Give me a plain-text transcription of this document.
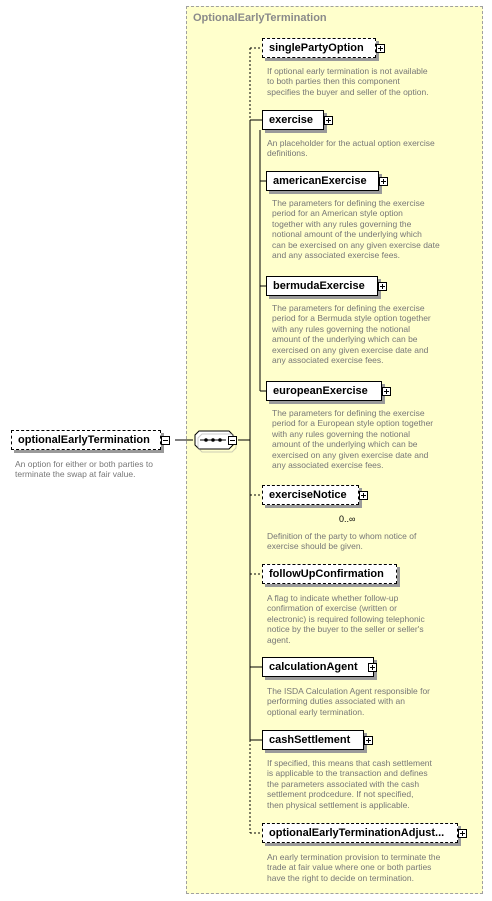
OptionalEarlyTermination
optionalEarlyTermination
An option for either or both parties to
terminate the swap at fair value.
singlePartyOption
If optional early termination is not available
to both parties then this component
specifies the buyer and seller of the option.
exercise
An placeholder for the actual option exercise
definitions.
americanExercise
The parameters for defining the exercise
period for an American style option
together with any rules governing the
notional amount of the underlying which
can be exercised on any given exercise date
and any associated exercise fees.
bermudaExercise
The parameters for defining the exercise
period for a Bermuda style option together
with any rules governing the notional
amount of the underlying which can be
exercised on any given exercise date and
any associated exercise fees.
europeanExercise
The parameters for defining the exercise
period for a European style option together
with any rules governing the notional
amount of the underlying which can be
exercised on any given exercise date and
any associated exercise fees.
exerciseNotice
0..∞
Definition of the party to whom notice of
exercise should be given.
followUpConfirmation
A flag to indicate whether follow-up
confirmation of exercise (written or
electronic) is required following telephonic
notice by the buyer to the seller or seller's
agent.
calculationAgent
The ISDA Calculation Agent responsible for
performing duties associated with an
optional early termination.
cashSettlement
If specified, this means that cash settlement
is applicable to the transaction and defines
the parameters associated with the cash
settlement prodcedure. If not specified,
then physical settlement is applicable.
optionalEarlyTerminationAdjust...
An early termination provision to terminate the
trade at fair value where one or both parties
have the right to decide on termination.
